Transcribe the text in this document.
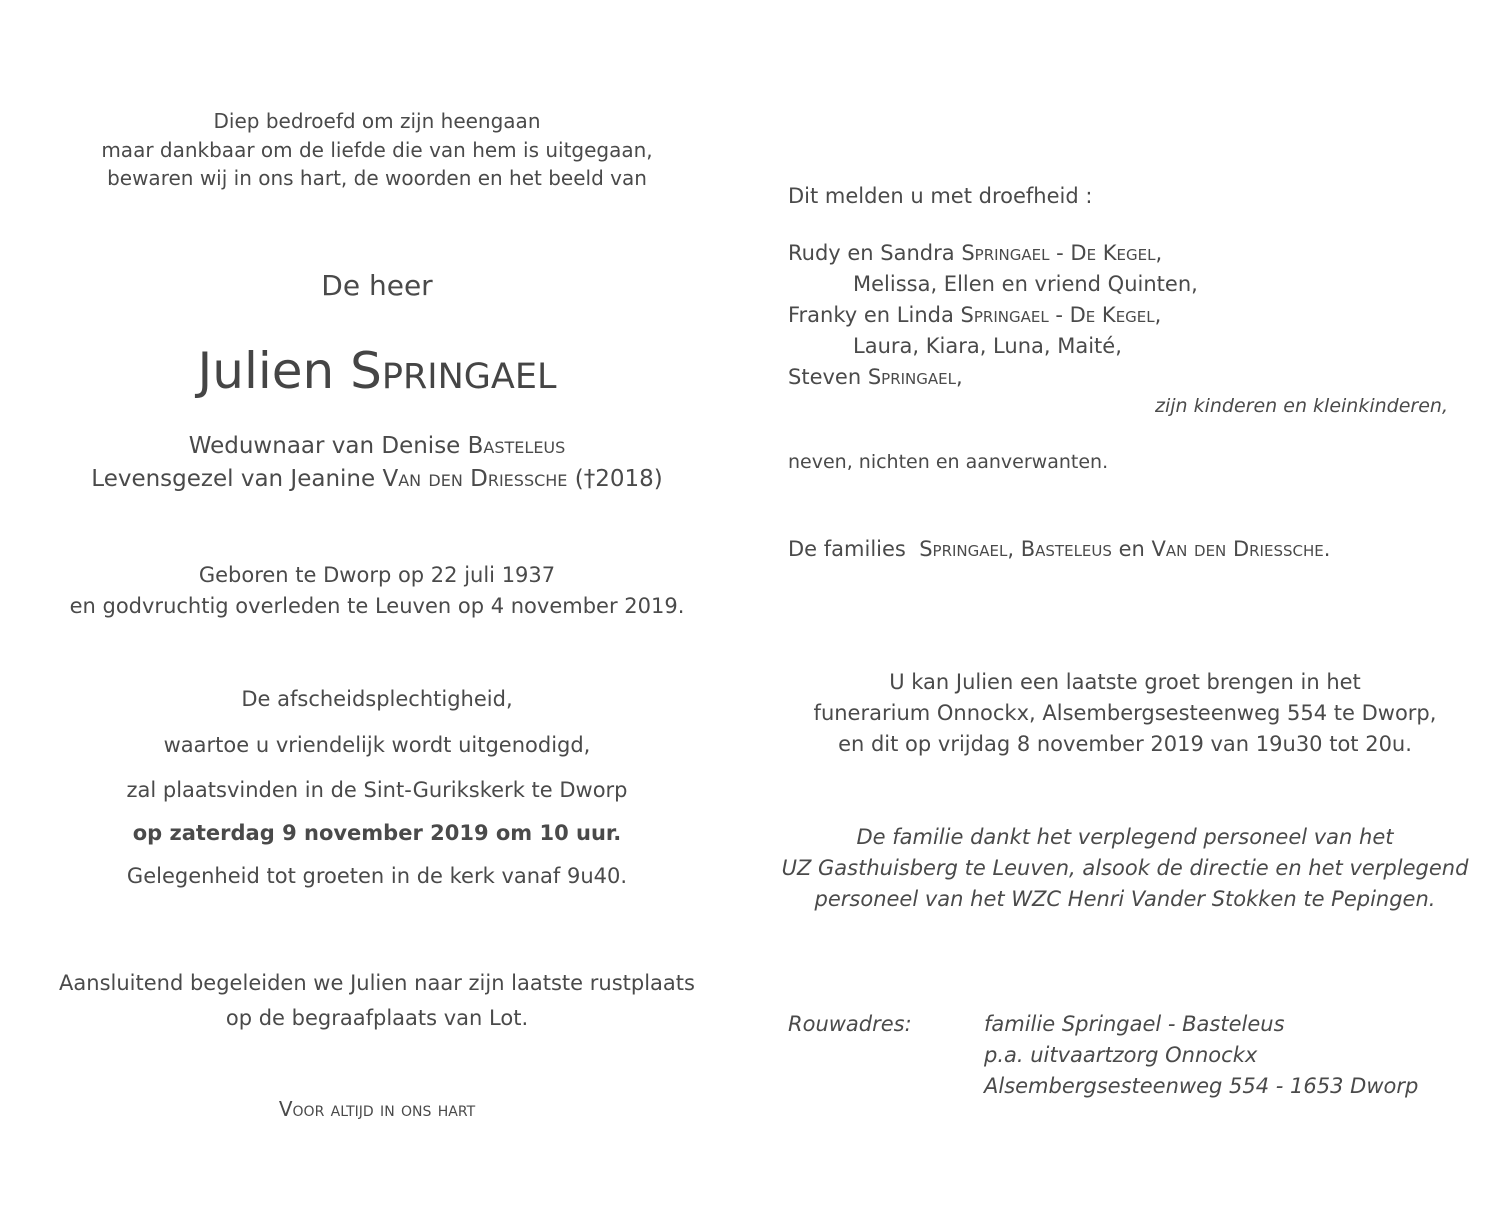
Diep bedroefd om zijn heengaan
maar dankbaar om de liefde die van hem is uitgegaan,
bewaren wij in ons hart, de woorden en het beeld van
De heer
Julien Springael
Weduwnaar van Denise Basteleus
Levensgezel van Jeanine Van den Driessche (†2018)
Geboren te Dworp op 22 juli 1937
en godvruchtig overleden te Leuven op 4 november 2019.
De afscheidsplechtigheid,
waartoe u vriendelijk wordt uitgenodigd,
zal plaatsvinden in de Sint-Gurikskerk te Dworp
op zaterdag 9 november 2019 om 10 uur.
Gelegenheid tot groeten in de kerk vanaf 9u40.
Aansluitend begeleiden we Julien naar zijn laatste rustplaats
op de begraafplaats van Lot.
Voor altijd in ons hart
Dit melden u met droefheid :
Rudy en Sandra Springael - De Kegel,
Melissa, Ellen en vriend Quinten,
Franky en Linda Springael - De Kegel,
Laura, Kiara, Luna, Maité,
Steven Springael,
zijn kinderen en kleinkinderen,
neven, nichten en aanverwanten.
De families  Springael, Basteleus en Van den Driessche.
U kan Julien een laatste groet brengen in het
funerarium Onnockx, Alsembergsesteenweg 554 te Dworp,
en dit op vrijdag 8 november 2019 van 19u30 tot 20u.
De familie dankt het verplegend personeel van het
UZ Gasthuisberg te Leuven, alsook de directie en het verplegend
personeel van het WZC Henri Vander Stokken te Pepingen.
Rouwadres:	familie Springael - Basteleus
p.a. uitvaartzorg Onnockx
Alsembergsesteenweg 554 - 1653 Dworp
